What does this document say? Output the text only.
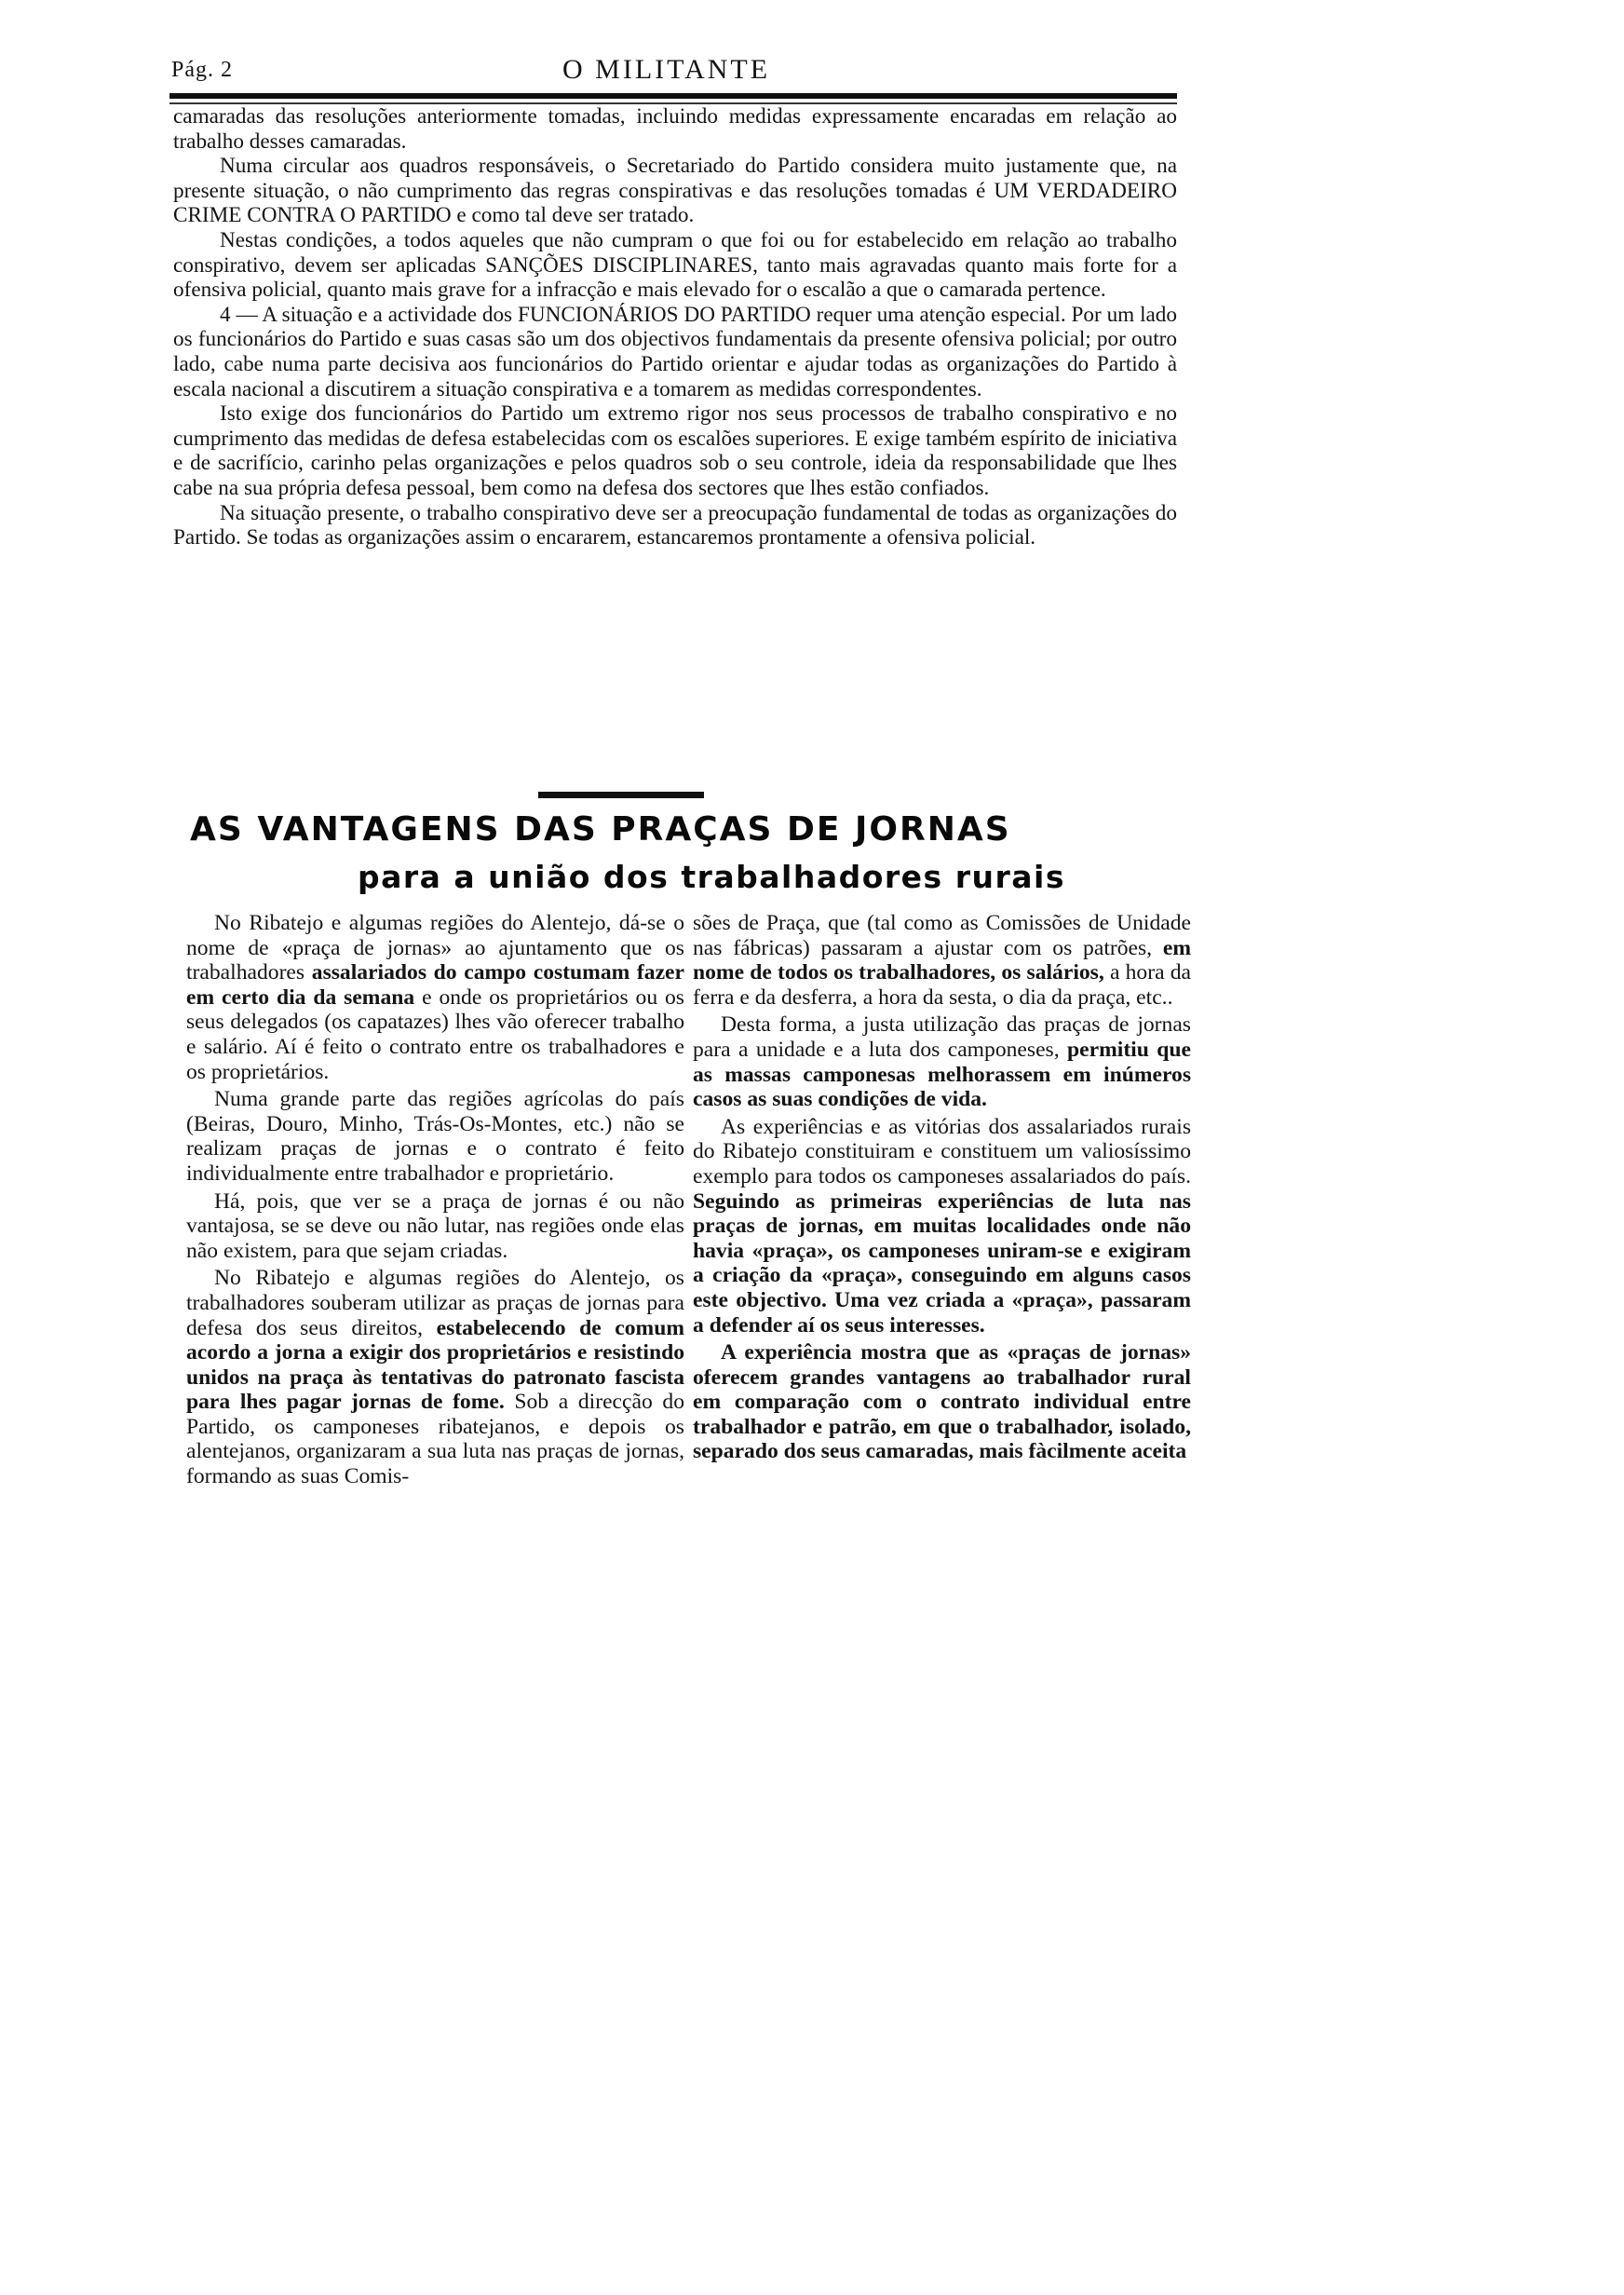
Pág. 2	O MILITANTE

camaradas das resoluções anteriormente tomadas, incluindo medidas expressamente encaradas em relação ao trabalho desses camaradas.

Numa circular aos quadros responsáveis, o Secretariado do Partido considera muito justamente que, na presente situação, o não cumprimento das regras conspirativas e das resoluções tomadas é UM VERDADEIRO CRIME CONTRA O PARTIDO e como tal deve ser tratado.

Nestas condições, a todos aqueles que não cumpram o que foi ou for estabelecido em relação ao trabalho conspirativo, devem ser aplicadas SANÇÕES DISCIPLINARES, tanto mais agravadas quanto mais forte for a ofensiva policial, quanto mais grave for a infracção e mais elevado for o escalão a que o camarada pertence.

4 — A situação e a actividade dos FUNCIONÁRIOS DO PARTIDO requer uma atenção especial. Por um lado os funcionários do Partido e suas casas são um dos objectivos fundamentais da presente ofensiva policial; por outro lado, cabe numa parte decisiva aos funcionários do Partido orientar e ajudar todas as organizações do Partido à escala nacional a discutirem a situação conspirativa e a tomarem as medidas correspondentes.

Isto exige dos funcionários do Partido um extremo rigor nos seus processos de trabalho conspirativo e no cumprimento das medidas de defesa estabelecidas com os escalões superiores. E exige também espírito de iniciativa e de sacrifício, carinho pelas organizações e pelos quadros sob o seu controle, ideia da responsabilidade que lhes cabe na sua própria defesa pessoal, bem como na defesa dos sectores que lhes estão confiados.

Na situação presente, o trabalho conspirativo deve ser a preocupação fundamental de todas as organizações do Partido. Se todas as organizações assim o encararem, estancaremos prontamente a ofensiva policial.

AS VANTAGENS DAS PRAÇAS DE JORNAS
para a união dos trabalhadores rurais

No Ribatejo e algumas regiões do Alentejo, dá-se o nome de «praça de jornas» ao ajuntamento que os trabalhadores assalariados do campo costumam fazer em certo dia da semana e onde os proprietários ou os seus delegados (os capatazes) lhes vão oferecer trabalho e salário. Aí é feito o contrato entre os trabalhadores e os proprietários.

Numa grande parte das regiões agrícolas do país (Beiras, Douro, Minho, Trás-Os-Montes, etc.) não se realizam praças de jornas e o contrato é feito individualmente entre trabalhador e proprietário.

Há, pois, que ver se a praça de jornas é ou não vantajosa, se se deve ou não lutar, nas regiões onde elas não existem, para que sejam criadas.

No Ribatejo e algumas regiões do Alentejo, os trabalhadores souberam utilizar as praças de jornas para defesa dos seus direitos, estabelecendo de comum acordo a jorna a exigir dos proprietários e resistindo unidos na praça às tentativas do patronato fascista para lhes pagar jornas de fome. Sob a direcção do Partido, os camponeses ribatejanos, e depois os alentejanos, organizaram a sua luta nas praças de jornas, formando as suas Comis-

sões de Praça, que (tal como as Comissões de Unidade nas fábricas) passaram a ajustar com os patrões, em nome de todos os trabalhadores, os salários, a hora da ferra e da desferra, a hora da sesta, o dia da praça, etc..

Desta forma, a justa utilização das praças de jornas para a unidade e a luta dos camponeses, permitiu que as massas camponesas melhorassem em inúmeros casos as suas condições de vida.

As experiências e as vitórias dos assalariados rurais do Ribatejo constituiram e constituem um valiosíssimo exemplo para todos os camponeses assalariados do país. Seguindo as primeiras experiências de luta nas praças de jornas, em muitas localidades onde não havia «praça», os camponeses uniram-se e exigiram a criação da «praça», conseguindo em alguns casos este objectivo. Uma vez criada a «praça», passaram a defender aí os seus interesses.

A experiência mostra que as «praças de jornas» oferecem grandes vantagens ao trabalhador rural em comparação com o contrato individual entre trabalhador e patrão, em que o trabalhador, isolado, separado dos seus camaradas, mais fàcilmente aceita
